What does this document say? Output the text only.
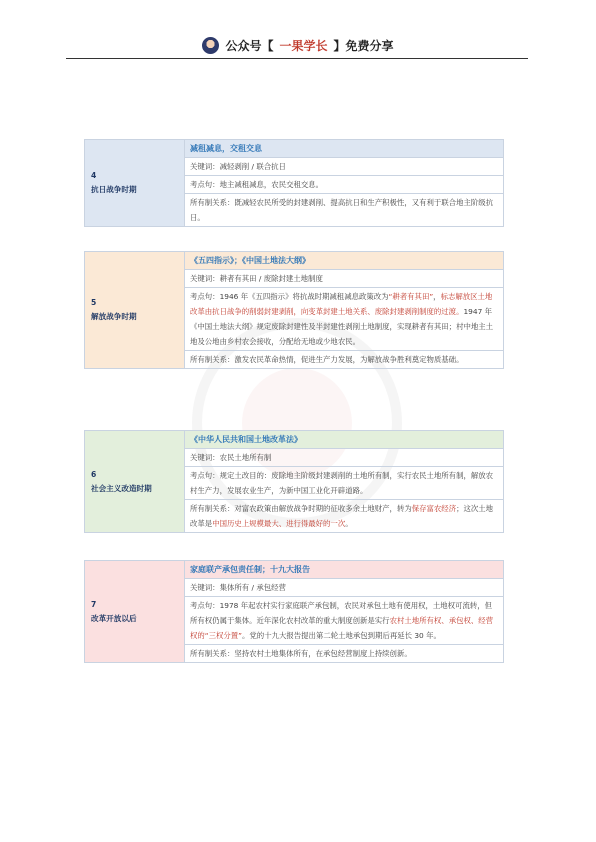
公众号【 一果学长 】免费分享
4
抗日战争时期
减租减息，交租交息
关键词：减轻剥削 / 联合抗日
考点句：地主减租减息，农民交租交息。
所有制关系：既减轻农民所受的封建剥削、提高抗日和生产积极性，又有利于联合地主阶级抗日。
5
解放战争时期
《五四指示》；《中国土地法大纲》
关键词：耕者有其田 / 废除封建土地制度
考点句：1946 年《五四指示》将抗战时期减租减息政策改为“耕者有其田”，标志解放区土地改革由抗日战争的削弱封建剥削，向变革封建土地关系、废除封建剥削制度的过渡。1947 年《中国土地法大纲》规定废除封建性及半封建性剥削土地制度，实现耕者有其田；村中地主土地及公地由乡村农会接收，分配给无地或少地农民。
所有制关系：激发农民革命热情，促进生产力发展，为解放战争胜利奠定物质基础。
6
社会主义改造时期
《中华人民共和国土地改革法》
关键词：农民土地所有制
考点句：规定土改目的：废除地主阶级封建剥削的土地所有制，实行农民土地所有制，解放农村生产力，发展农业生产，为新中国工业化开辟道路。
所有制关系：对富农政策由解放战争时期的征收多余土地财产，转为保存富农经济；这次土地改革是中国历史上规模最大、进行得最好的一次。
7
改革开放以后
家庭联产承包责任制；十九大报告
关键词：集体所有 / 承包经营
考点句：1978 年起农村实行家庭联产承包制，农民对承包土地有使用权，土地权可流转，但所有权仍属于集体。近年深化农村改革的重大制度创新是实行农村土地所有权、承包权、经营权的“三权分置”。党的十九大报告提出第二轮土地承包到期后再延长 30 年。
所有制关系：坚持农村土地集体所有，在承包经营制度上持续创新。
